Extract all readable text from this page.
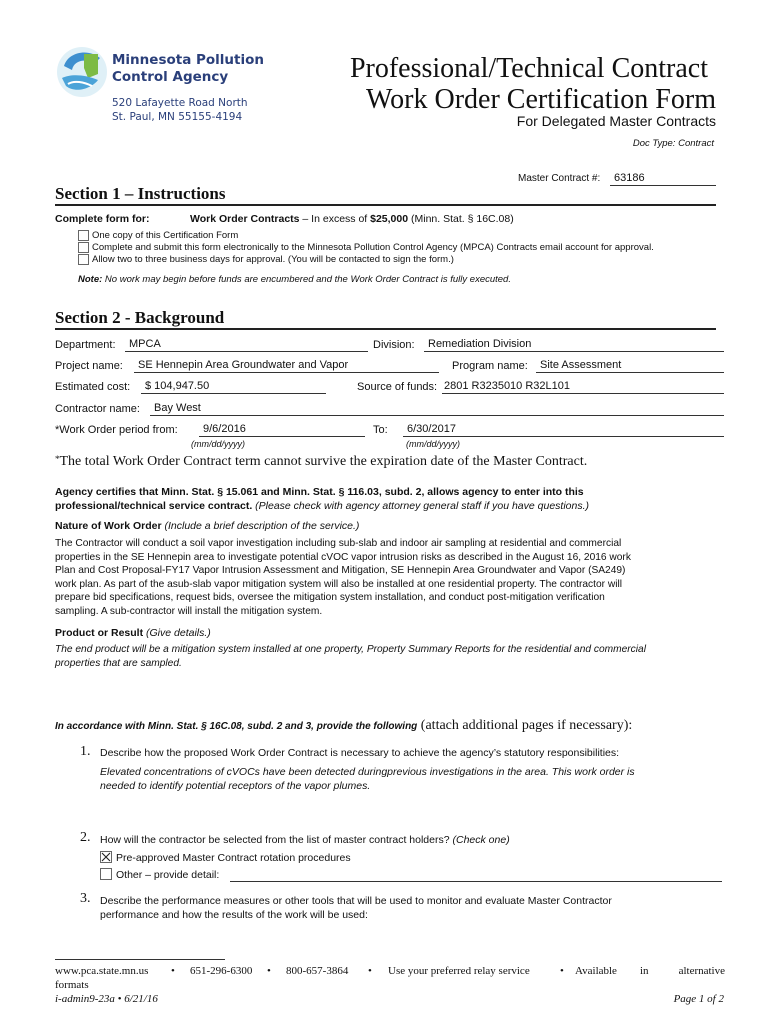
Minnesota Pollution
Control Agency
520 Lafayette Road North
St. Paul, MN 55155-4194
Professional/Technical Contract
Work Order Certification Form
For Delegated Master Contracts
Doc Type: Contract
Master Contract #:	63186
Section 1 – Instructions
Complete form for:	Work Order Contracts – In excess of $25,000 (Minn. Stat. § 16C.08)
One copy of this Certification Form
Complete and submit this form electronically to the Minnesota Pollution Control Agency (MPCA) Contracts email account for approval.
Allow two to three business days for approval. (You will be contacted to sign the form.)
Note: No work may begin before funds are encumbered and the Work Order Contract is fully executed.
Section 2 - Background
Department:	MPCA	Division:	Remediation Division
Project name:	SE Hennepin Area Groundwater and Vapor	Program name:	Site Assessment
Estimated cost:	$ 104,947.50	Source of funds: 2801 R3235010 R32L101
Contractor name:	Bay West
*Work Order period from:	9/6/2016	To:	6/30/2017
(mm/dd/yyyy)	(mm/dd/yyyy)
*The total Work Order Contract term cannot survive the expiration date of the Master Contract.
Agency certifies that Minn. Stat. § 15.061 and Minn. Stat. § 116.03, subd. 2, allows agency to enter into this
professional/technical service contract. (Please check with agency attorney general staff if you have questions.)
Nature of Work Order (Include a brief description of the service.)
The Contractor will conduct a soil vapor investigation including sub-slab and indoor air sampling at residential and commercial
properties in the SE Hennepin area to investigate potential cVOC vapor intrusion risks as described in the August 16, 2016 work
Plan and Cost Proposal-FY17 Vapor Intrusion Assessment and Mitigation, SE Hennepin Area Groundwater and Vapor (SA249)
work plan. As part of the asub-slab vapor mitigation system will also be installed at one residential property. The contractor will
prepare bid specifications, request bids, oversee the mitigation system installation, and conduct post-mitigation verification
sampling. A sub-contractor will install the mitigation system.
Product or Result (Give details.)
The end product will be a mitigation system installed at one property, Property Summary Reports for the residential and commercial
properties that are sampled.
In accordance with Minn. Stat. § 16C.08, subd. 2 and 3, provide the following (attach additional pages if necessary):
1. Describe how the proposed Work Order Contract is necessary to achieve the agency’s statutory responsibilities:
Elevated concentrations of cVOCs have been detected duringprevious investigations in the area. This work order is
needed to identify potential receptors of the vapor plumes.
2. How will the contractor be selected from the list of master contract holders? (Check one)
Pre-approved Master Contract rotation procedures
Other – provide detail:
3. Describe the performance measures or other tools that will be used to monitor and evaluate Master Contractor
performance and how the results of the work will be used:
www.pca.state.mn.us • 651-296-6300 • 800-657-3864 • Use your preferred relay service	• Available in	alternative
formats
i-admin9-23a • 6/21/16	Page 1 of 2
